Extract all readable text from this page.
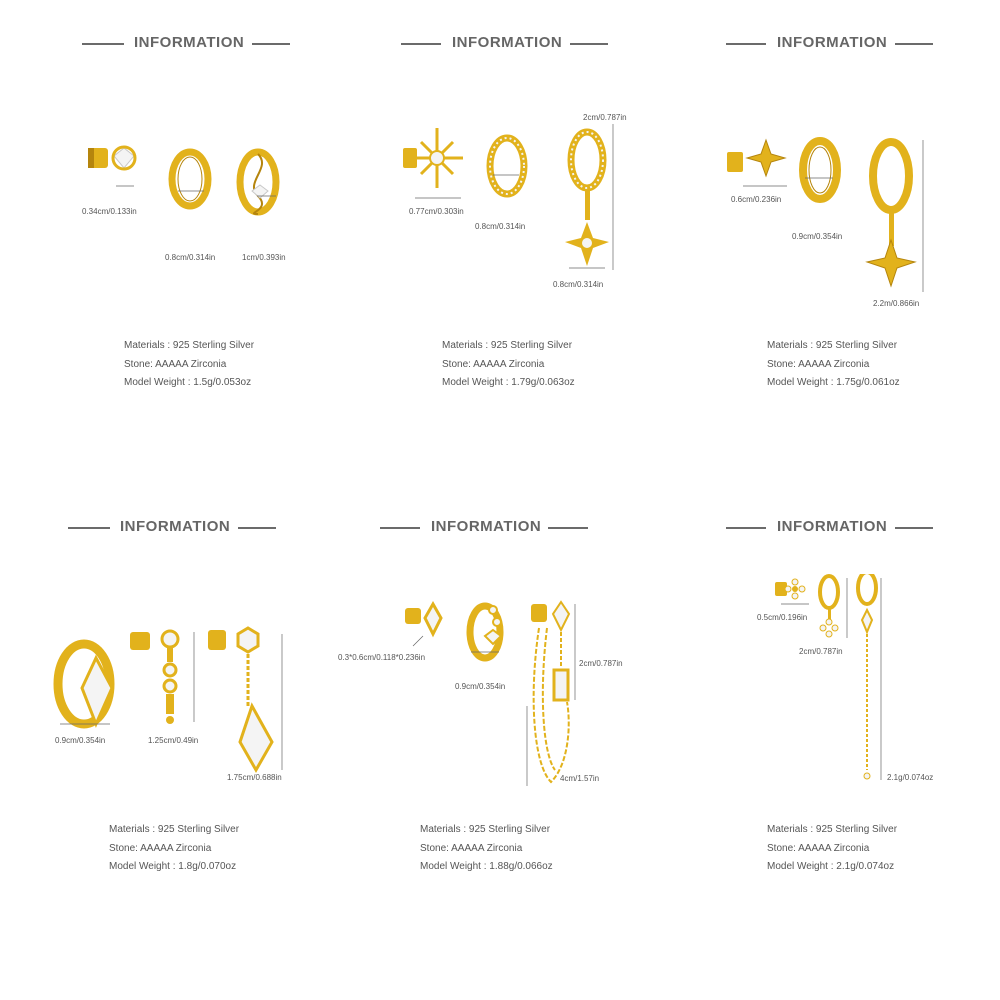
INFORMATION
0.34cm/0.133in
0.8cm/0.314in	1cm/0.393in
Materials : 925 Sterling Silver
Stone: AAAAA Zirconia
Model Weight : 1.5g/0.053oz
INFORMATION
0.77cm/0.303in
0.8cm/0.314in
2cm/0.787in
0.8cm/0.314in
Materials : 925 Sterling Silver
Stone: AAAAA Zirconia
Model Weight : 1.79g/0.063oz
INFORMATION
0.6cm/0.236in
0.9cm/0.354in
2.2m/0.866in
Materials : 925 Sterling Silver
Stone: AAAAA Zirconia
Model Weight : 1.75g/0.061oz
INFORMATION
0.9cm/0.354in	1.25cm/0.49in
1.75cm/0.688in
Materials : 925 Sterling Silver
Stone: AAAAA Zirconia
Model Weight : 1.8g/0.070oz
INFORMATION
0.3*0.6cm/0.118*0.236in
0.9cm/0.354in
2cm/0.787in
4cm/1.57in
Materials : 925 Sterling Silver
Stone: AAAAA Zirconia
Model Weight : 1.88g/0.066oz
INFORMATION
0.5cm/0.196in
2cm/0.787in
2.1g/0.074oz
Materials : 925 Sterling Silver
Stone: AAAAA Zirconia
Model Weight : 2.1g/0.074oz
